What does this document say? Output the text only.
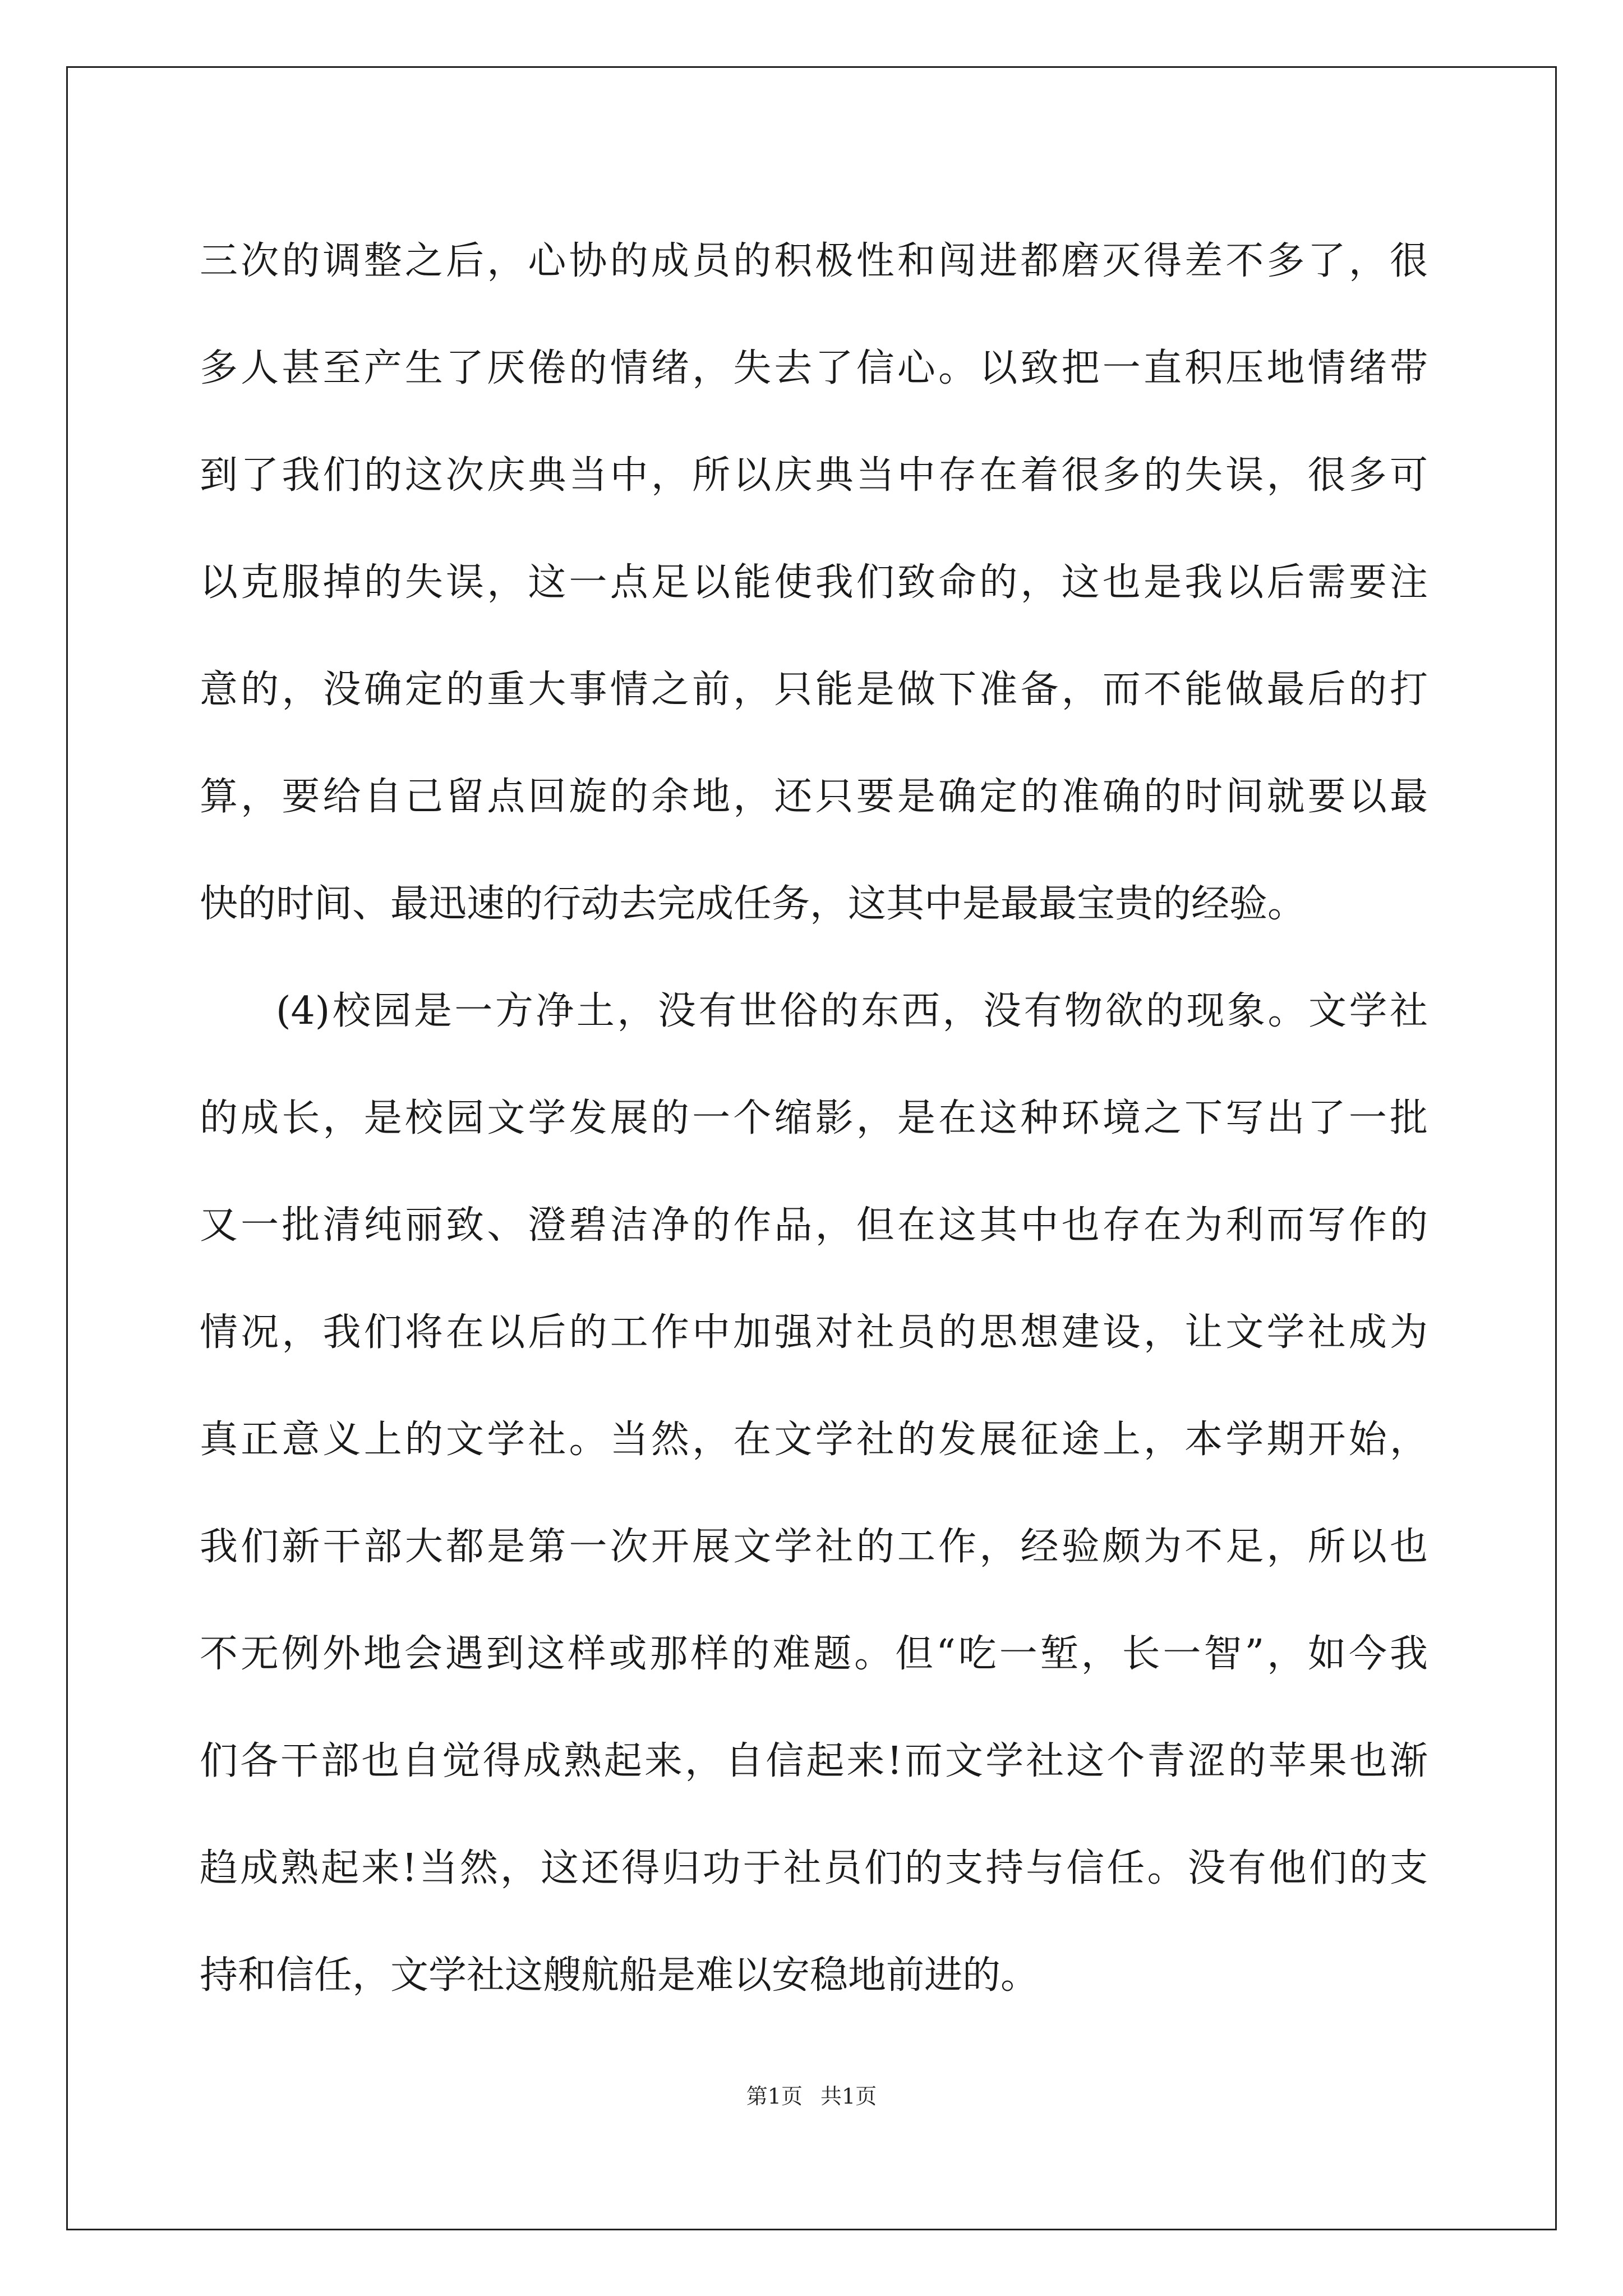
三次的调整之后，心协的成员的积极性和闯进都磨灭得差不多了，很
多人甚至产生了厌倦的情绪，失去了信心。以致把一直积压地情绪带
到了我们的这次庆典当中，所以庆典当中存在着很多的失误，很多可
以克服掉的失误，这一点足以能使我们致命的，这也是我以后需要注
意的，没确定的重大事情之前，只能是做下准备，而不能做最后的打
算，要给自己留点回旋的余地，还只要是确定的准确的时间就要以最
快的时间、最迅速的行动去完成任务，这其中是最最宝贵的经验。
(4)校园是一方净土，没有世俗的东西，没有物欲的现象。文学社
的成长，是校园文学发展的一个缩影，是在这种环境之下写出了一批
又一批清纯丽致、澄碧洁净的作品，但在这其中也存在为利而写作的
情况，我们将在以后的工作中加强对社员的思想建设，让文学社成为
真正意义上的文学社。当然，在文学社的发展征途上，本学期开始，
我们新干部大都是第一次开展文学社的工作，经验颇为不足，所以也
不无例外地会遇到这样或那样的难题。但“吃一堑，长一智”，如今我
们各干部也自觉得成熟起来，自信起来!而文学社这个青涩的苹果也渐
趋成熟起来!当然，这还得归功于社员们的支持与信任。没有他们的支
持和信任，文学社这艘航船是难以安稳地前进的。
第1页 共1页
